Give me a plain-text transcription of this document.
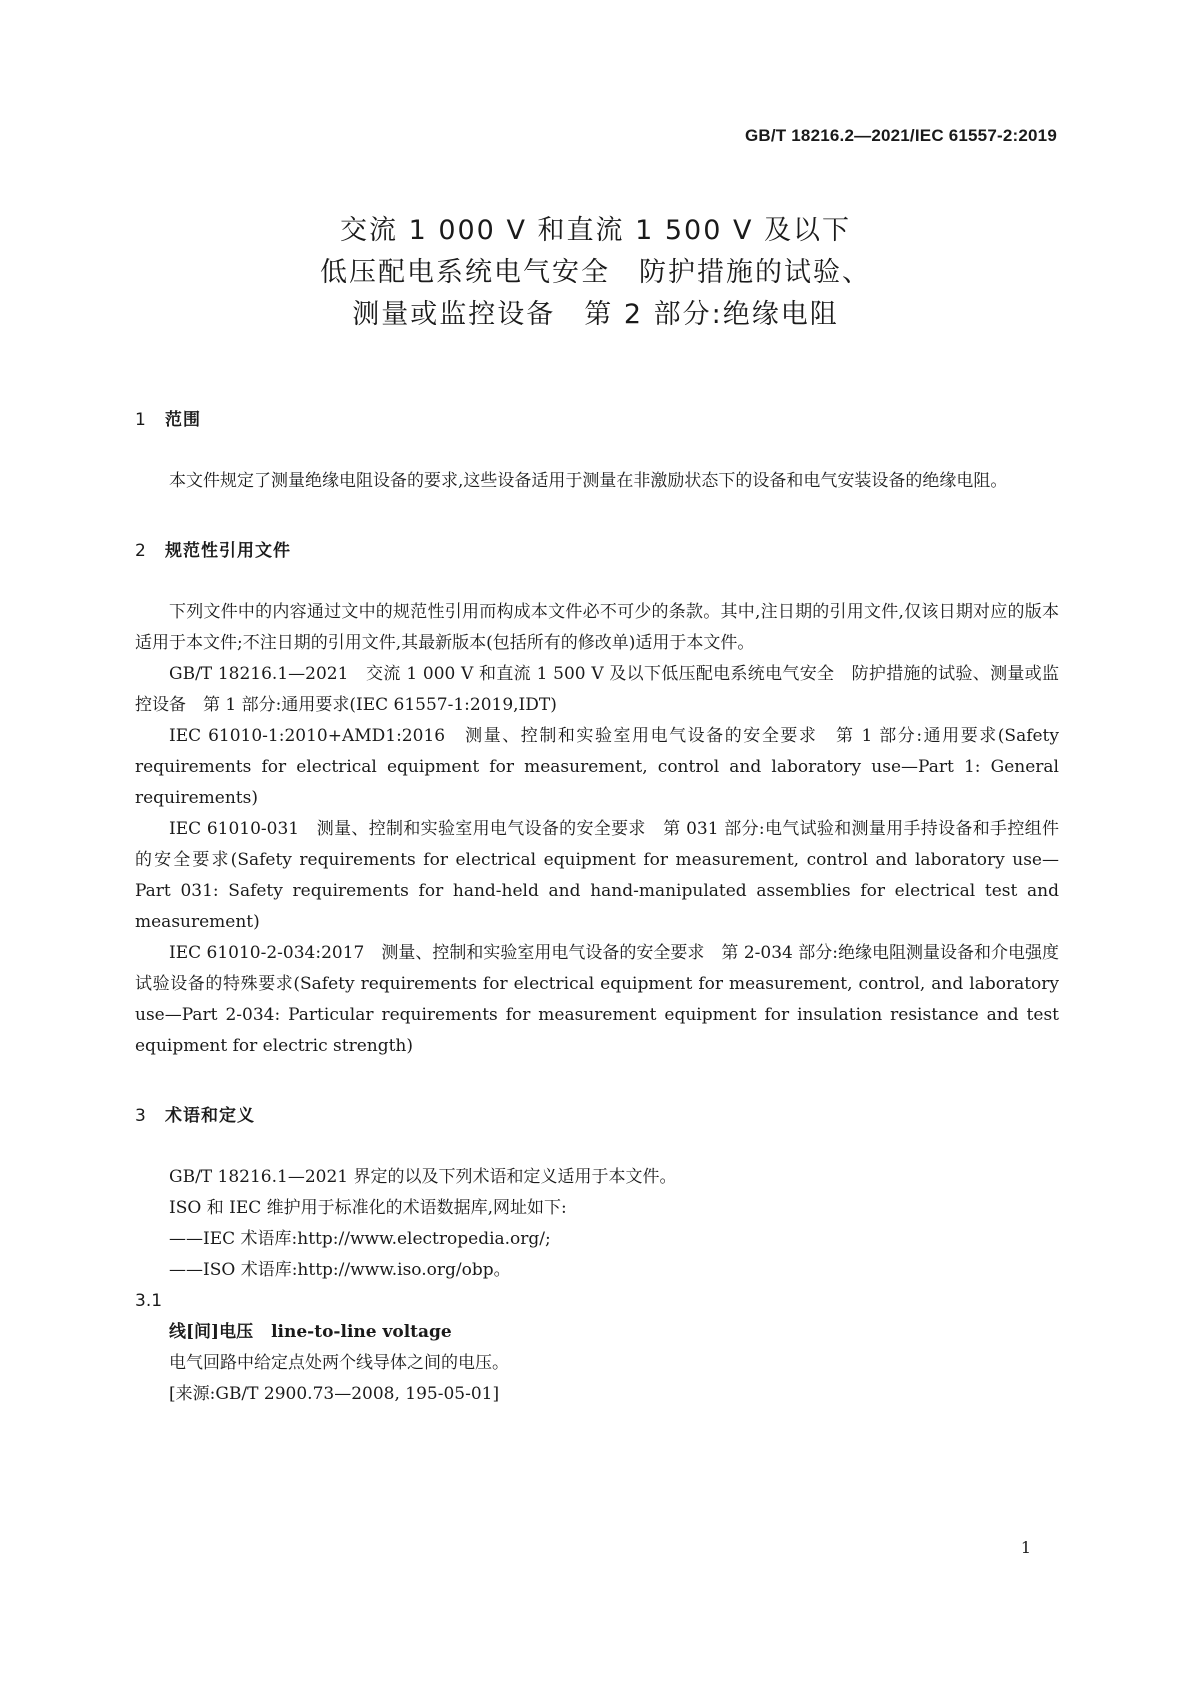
GB/T 18216.2—2021/IEC 61557-2:2019
交流 1 000 V 和直流 1 500 V 及以下
低压配电系统电气安全　防护措施的试验、
测量或监控设备　第 2 部分:绝缘电阻
1 范围

本文件规定了测量绝缘电阻设备的要求,这些设备适用于测量在非激励状态下的设备和电气安装设备的绝缘电阻。

2 规范性引用文件

下列文件中的内容通过文中的规范性引用而构成本文件必不可少的条款。其中,注日期的引用文件,仅该日期对应的版本适用于本文件;不注日期的引用文件,其最新版本(包括所有的修改单)适用于本文件。

GB/T 18216.1—2021　交流 1 000 V 和直流 1 500 V 及以下低压配电系统电气安全　防护措施的试验、测量或监控设备　第 1 部分:通用要求(IEC 61557-1:2019,IDT)

IEC 61010-1:2010+AMD1:2016　测量、控制和实验室用电气设备的安全要求　第 1 部分:通用要求(Safety requirements for electrical equipment for measurement, control and laboratory use—Part 1: General requirements)

IEC 61010-031　测量、控制和实验室用电气设备的安全要求　第 031 部分:电气试验和测量用手持设备和手控组件的安全要求(Safety requirements for electrical equipment for measurement, control and laboratory use—Part 031: Safety requirements for hand-held and hand-manipulated assemblies for electrical test and measurement)

IEC 61010-2-034:2017　测量、控制和实验室用电气设备的安全要求　第 2-034 部分:绝缘电阻测量设备和介电强度试验设备的特殊要求(Safety requirements for electrical equipment for measurement, control, and laboratory use—Part 2-034: Particular requirements for measurement equipment for insulation resistance and test equipment for electric strength)

3 术语和定义
GB/T 18216.1—2021 界定的以及下列术语和定义适用于本文件。
ISO 和 IEC 维护用于标准化的术语数据库,网址如下:
——IEC 术语库:http://www.electropedia.org/;
——ISO 术语库:http://www.iso.org/obp。
3.1
线[间]电压 line-to-line voltage
电气回路中给定点处两个线导体之间的电压。
[来源:GB/T 2900.73—2008, 195-05-01]
1
